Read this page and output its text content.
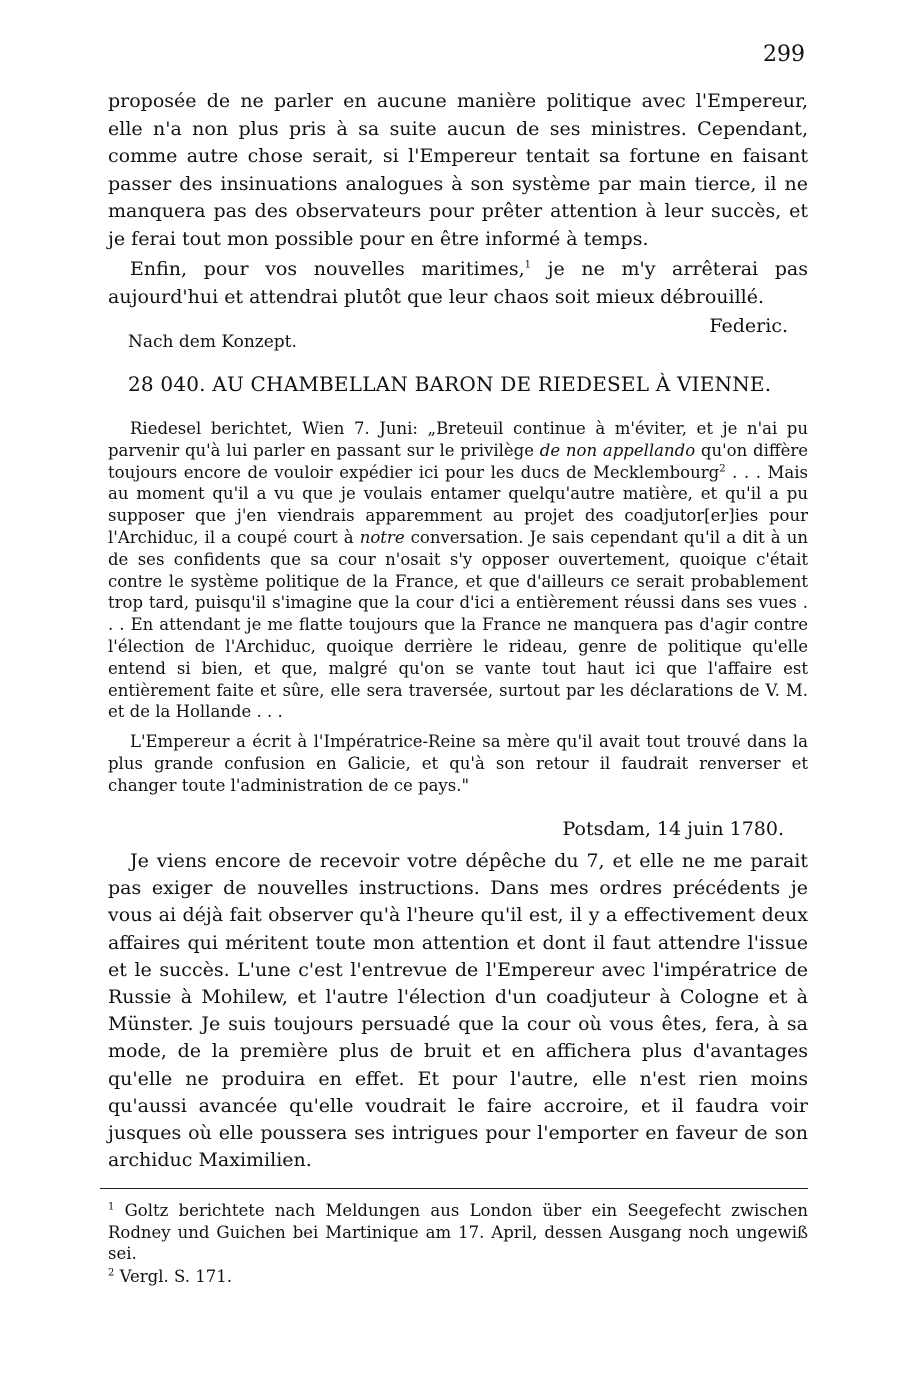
299

proposée de ne parler en aucune manière politique avec l'Empereur, elle n'a non plus pris à sa suite aucun de ses ministres. Cependant, comme autre chose serait, si l'Empereur tentait sa fortune en faisant passer des insinuations analogues à son système par main tierce, il ne manquera pas des observateurs pour prêter attention à leur succès, et je ferai tout mon possible pour en être informé à temps.

Enfin, pour vos nouvelles maritimes,$^1$ je ne m'y arrêterai pas aujourd'hui et attendrai plutôt que leur chaos soit mieux débrouillé.

Federic.

Nach dem Konzept.

28 040. AU CHAMBELLAN BARON DE RIEDESEL À VIENNE.

Riedesel berichtet, Wien 7. Juni: „Breteuil continue à m'éviter, et je n'ai pu parvenir qu'à lui parler en passant sur le privilège de non appellando qu'on diffère toujours encore de vouloir expédier ici pour les ducs de Mecklembourg$^2$ . . . Mais au moment qu'il a vu que je voulais entamer quelqu'autre matière, et qu'il a pu supposer que j'en viendrais apparemment au projet des coadjutor[er]ies pour l'Archiduc, il a coupé court à notre conversation. Je sais cependant qu'il a dit à un de ses confidents que sa cour n'osait s'y opposer ouvertement, quoique c'était contre le système politique de la France, et que d'ailleurs ce serait probablement trop tard, puisqu'il s'imagine que la cour d'ici a entièrement réussi dans ses vues . . . En attendant je me flatte toujours que la France ne manquera pas d'agir contre l'élection de l'Archiduc, quoique derrière le rideau, genre de politique qu'elle entend si bien, et que, malgré qu'on se vante tout haut ici que l'affaire est entièrement faite et sûre, elle sera traversée, surtout par les déclarations de V. M. et de la Hollande . . .

L'Empereur a écrit à l'Impératrice-Reine sa mère qu'il avait tout trouvé dans la plus grande confusion en Galicie, et qu'à son retour il faudrait renverser et changer toute l'administration de ce pays."

Potsdam, 14 juin 1780.

Je viens encore de recevoir votre dépêche du 7, et elle ne me parait pas exiger de nouvelles instructions. Dans mes ordres précédents je vous ai déjà fait observer qu'à l'heure qu'il est, il y a effectivement deux affaires qui méritent toute mon attention et dont il faut attendre l'issue et le succès. L'une c'est l'entrevue de l'Empereur avec l'impératrice de Russie à Mohilew, et l'autre l'élection d'un coadjuteur à Cologne et à Münster. Je suis toujours persuadé que la cour où vous êtes, fera, à sa mode, de la première plus de bruit et en affichera plus d'avantages qu'elle ne produira en effet. Et pour l'autre, elle n'est rien moins qu'aussi avancée qu'elle voudrait le faire accroire, et il faudra voir jusques où elle poussera ses intrigues pour l'emporter en faveur de son archiduc Maximilien.

$^1$ Goltz berichtete nach Meldungen aus London über ein Seegefecht zwischen Rodney und Guichen bei Martinique am 17. April, dessen Ausgang noch ungewiß sei.

$^2$ Vergl. S. 171.
